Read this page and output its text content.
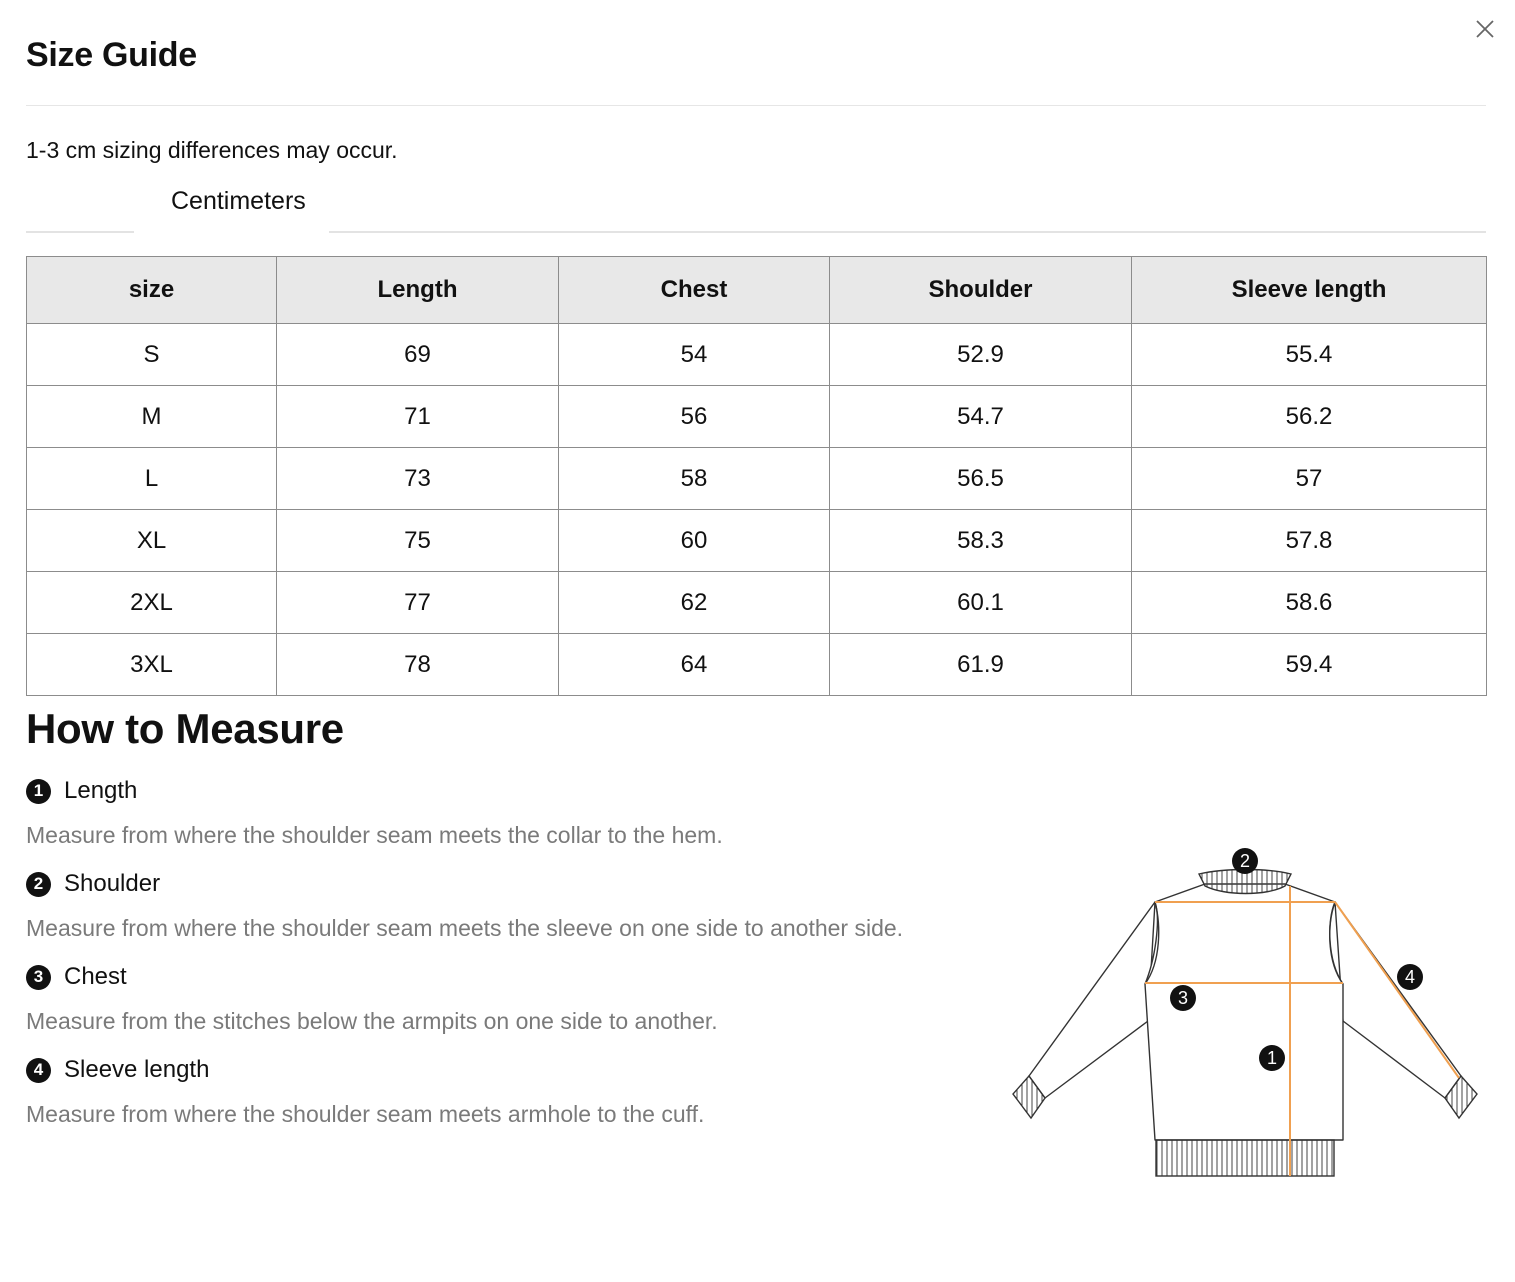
Size Guide
1-3 cm sizing differences may occur.
Centimeters
size	Length	Chest	Shoulder	Sleeve length
S	69	54	52.9	55.4
M	71	56	54.7	56.2
L	73	58	56.5	57
XL	75	60	58.3	57.8
2XL	77	62	60.1	58.6
3XL	78	64	61.9	59.4
How to Measure
1 Length
Measure from where the shoulder seam meets the collar to the hem.
2 Shoulder
Measure from where the shoulder seam meets the sleeve on one side to another side.
3 Chest
Measure from the stitches below the armpits on one side to another.
4 Sleeve length
Measure from where the shoulder seam meets armhole to the cuff.
2
3
1
4
